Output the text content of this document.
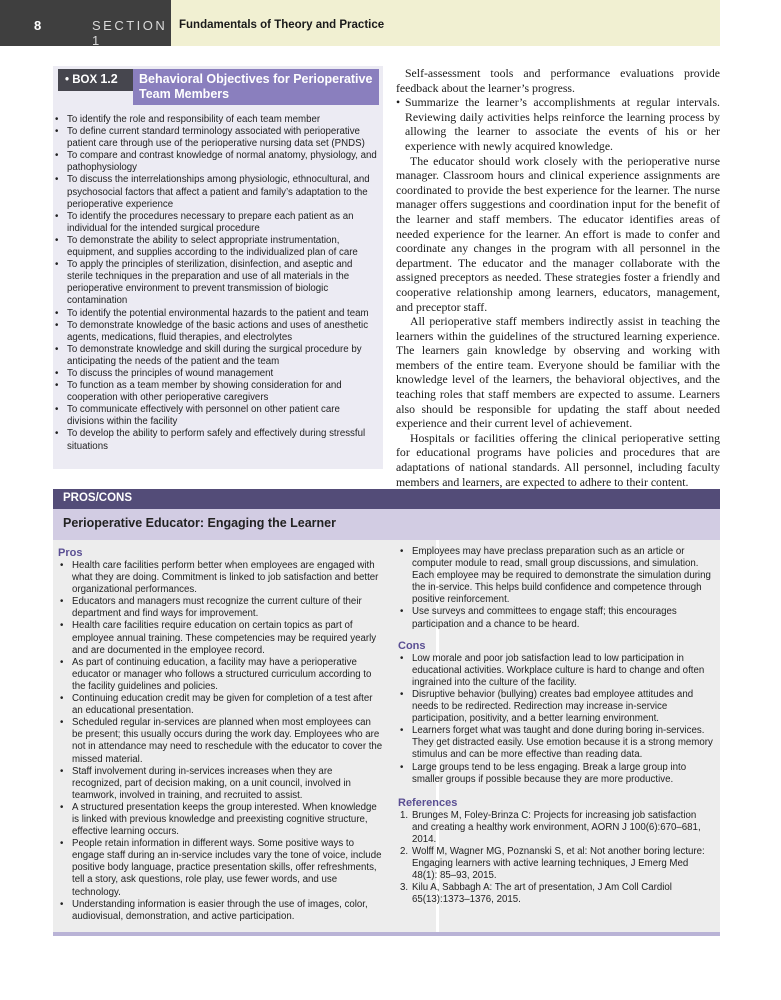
8	SECTION 1
Fundamentals of Theory and Practice
• BOX 1.2	Behavioral Objectives for Perioperative Team Members
• To identify the role and responsibility of each team member
• To define current standard terminology associated with perioperative patient care through use of the perioperative nursing data set (PNDS)
• To compare and contrast knowledge of normal anatomy, physiology, and pathophysiology
• To discuss the interrelationships among physiologic, ethnocultural, and psychosocial factors that affect a patient and family’s adaptation to the perioperative experience
• To identify the procedures necessary to prepare each patient as an individual for the intended surgical procedure
• To demonstrate the ability to select appropriate instrumentation, equipment, and supplies according to the individualized plan of care
• To apply the principles of sterilization, disinfection, and aseptic and sterile techniques in the preparation and use of all materials in the perioperative environment to prevent transmission of biologic contamination
• To identify the potential environmental hazards to the patient and team
• To demonstrate knowledge of the basic actions and uses of anesthetic agents, medications, fluid therapies, and electrolytes
• To demonstrate knowledge and skill during the surgical procedure by anticipating the needs of the patient and the team
• To discuss the principles of wound management
• To function as a team member by showing consideration for and cooperation with other perioperative caregivers
• To communicate effectively with personnel on other patient care divisions within the facility
• To develop the ability to perform safely and effectively during stressful situations

Self-assessment tools and performance evaluations provide feedback about the learner’s progress.

• Summarize the learner’s accomplishments at regular intervals. Reviewing daily activities helps reinforce the learning process by allowing the learner to associate the events of his or her experience with newly acquired knowledge.

The educator should work closely with the perioperative nurse manager. Classroom hours and clinical experience assignments are coordinated to provide the best experience for the learner. The nurse manager offers suggestions and coordination input for the benefit of the learner and staff members. The educator identifies areas of needed experience for the learner. An effort is made to confer and coordinate any changes in the program with all personnel in the department. The educator and the manager collaborate with the assigned preceptors as needed. These strategies foster a friendly and cooperative relationship among learners, educators, management, and preceptor staff.

All perioperative staff members indirectly assist in teaching the learners within the guidelines of the structured learning experience. The learners gain knowledge by observing and working with members of the entire team. Everyone should be familiar with the knowledge level of the learners, the behavioral objectives, and the teaching roles that staff members are expected to assume. Learners also should be responsible for updating the staff about needed experience and their current level of achievement.

Hospitals or facilities offering the clinical perioperative setting for educational programs have policies and procedures that are adaptations of national standards. All personnel, including faculty members and learners, are expected to adhere to their content.

PROS/CONS
Perioperative Educator: Engaging the Learner
Pros
• Health care facilities perform better when employees are engaged with what they are doing. Commitment is linked to job satisfaction and better organizational performances.
• Educators and managers must recognize the current culture of their department and find ways for improvement.
• Health care facilities require education on certain topics as part of employee annual training. These competencies may be required yearly and are documented in the employee record.
• As part of continuing education, a facility may have a perioperative educator or manager who follows a structured curriculum according to the facility guidelines and policies.
• Continuing education credit may be given for completion of a test after an educational presentation.
• Scheduled regular in-services are planned when most employees can be present; this usually occurs during the work day. Employees who are not in attendance may need to reschedule with the educator to cover the missed material.
• Staff involvement during in-services increases when they are recognized, part of decision making, on a unit council, involved in teamwork, involved in training, and recruited to assist.
• A structured presentation keeps the group interested. When knowledge is linked with previous knowledge and preexisting cognitive structure, effective learning occurs.
• People retain information in different ways. Some positive ways to engage staff during an in-service includes vary the tone of voice, include positive body language, practice presentation skills, offer refreshments, tell a story, ask questions, role play, use fewer words, and use technology.
• Understanding information is easier through the use of images, color, audiovisual, demonstration, and active participation.
• Employees may have preclass preparation such as an article or computer module to read, small group discussions, and simulation. Each employee may be required to demonstrate the simulation during the in-service. This helps build confidence and competence through positive reinforcement.
• Use surveys and committees to engage staff; this encourages participation and a chance to be heard.
Cons
• Low morale and poor job satisfaction lead to low participation in educational activities. Workplace culture is hard to change and often ingrained into the culture of the facility.
• Disruptive behavior (bullying) creates bad employee attitudes and needs to be redirected. Redirection may increase in-service participation, positivity, and a better learning environment.
• Learners forget what was taught and done during boring in-services. They get distracted easily. Use emotion because it is a strong memory stimulus and can be more effective than reading data.
• Large groups tend to be less engaging. Break a large group into smaller groups if possible because they are more productive.
References
1. Brunges M, Foley-Brinza C: Projects for increasing job satisfaction and creating a healthy work environment, AORN J 100(6):670–681, 2014.
2. Wolff M, Wagner MG, Poznanski S, et al: Not another boring lecture: Engaging learners with active learning techniques, J Emerg Med 48(1): 85–93, 2015.
3. Kilu A, Sabbagh A: The art of presentation, J Am Coll Cardiol 65(13):1373–1376, 2015.
